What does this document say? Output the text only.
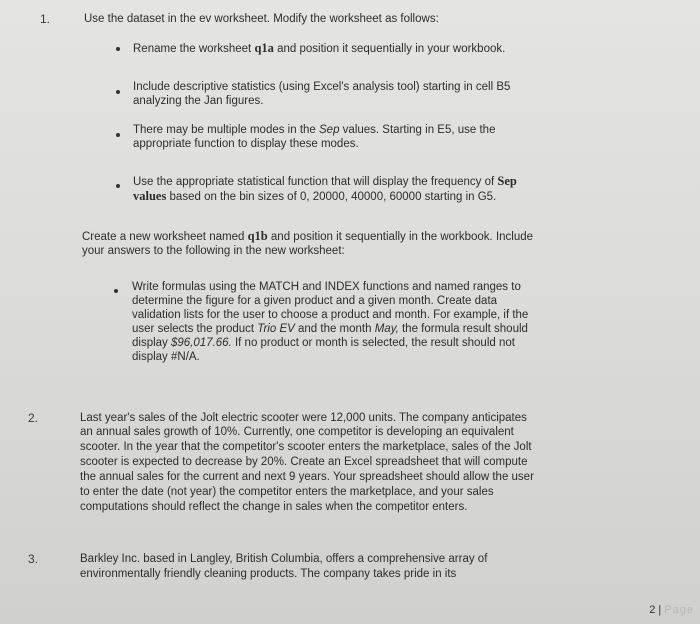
1.	Use the dataset in the ev worksheet. Modify the worksheet as follows:
Rename the worksheet q1a and position it sequentially in your workbook.
Include descriptive statistics (using Excel's analysis tool) starting in cell B5
analyzing the Jan figures.
There may be multiple modes in the Sep values. Starting in E5, use the
appropriate function to display these modes.
Use the appropriate statistical function that will display the frequency of Sep
values based on the bin sizes of 0, 20000, 40000, 60000 starting in G5.
Create a new worksheet named q1b and position it sequentially in the workbook. Include
your answers to the following in the new worksheet:
Write formulas using the MATCH and INDEX functions and named ranges to
determine the figure for a given product and a given month. Create data
validation lists for the user to choose a product and month. For example, if the
user selects the product Trio EV and the month May, the formula result should
display $96,017.66. If no product or month is selected, the result should not
display #N/A.
2.	Last year's sales of the Jolt electric scooter were 12,000 units. The company anticipates
an annual sales growth of 10%. Currently, one competitor is developing an equivalent
scooter. In the year that the competitor's scooter enters the marketplace, sales of the Jolt
scooter is expected to decrease by 20%. Create an Excel spreadsheet that will compute
the annual sales for the current and next 9 years. Your spreadsheet should allow the user
to enter the date (not year) the competitor enters the marketplace, and your sales
computations should reflect the change in sales when the competitor enters.
3.	Barkley Inc. based in Langley, British Columbia, offers a comprehensive array of
environmentally friendly cleaning products. The company takes pride in its
2 | Page
